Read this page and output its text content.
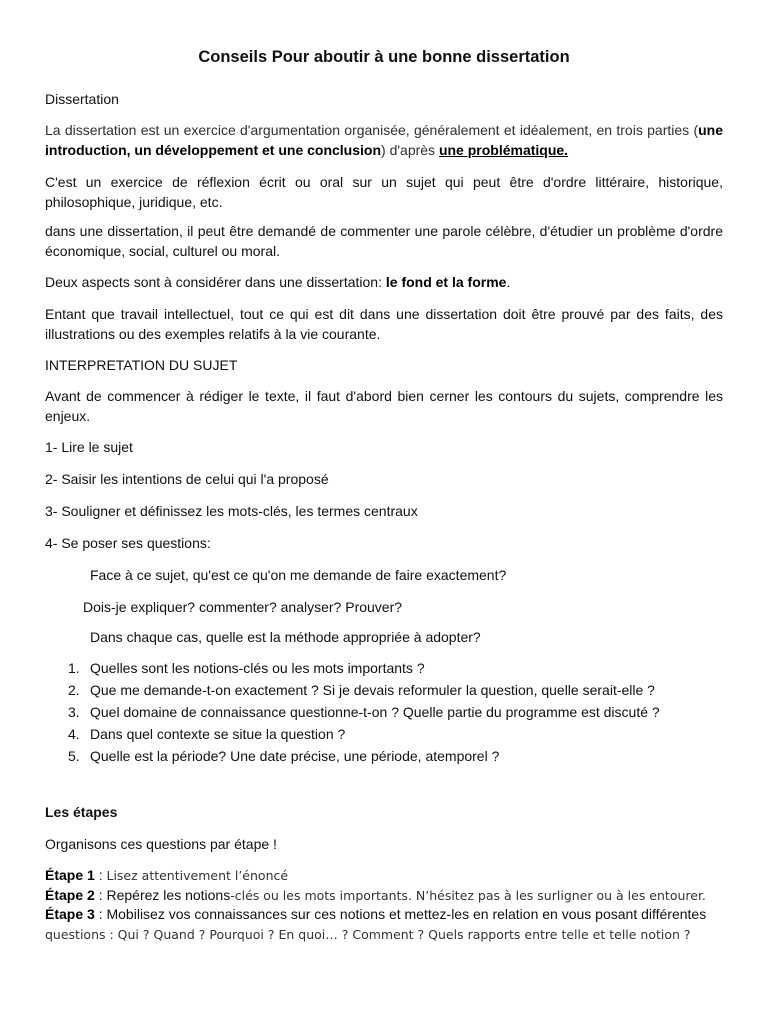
Conseils Pour aboutir à une bonne dissertation

Dissertation

La dissertation est un exercice d'argumentation organisée, généralement et idéalement, en trois parties (une introduction, un développement et une conclusion) d'après une problématique.

C'est un exercice de réflexion écrit ou oral sur un sujet qui peut être d'ordre littéraire, historique, philosophique, juridique, etc.

dans une dissertation, il peut être demandé de commenter une parole célèbre, d'étudier un problème d'ordre économique, social, culturel ou moral.

Deux aspects sont à considérer dans une dissertation: le fond et la forme.

Entant que travail intellectuel, tout ce qui est dit dans une dissertation doit être prouvé par des faits, des illustrations ou des exemples relatifs à la vie courante.

INTERPRETATION DU SUJET

Avant de commencer à rédiger le texte, il faut d'abord bien cerner les contours du sujets, comprendre les enjeux.

1- Lire le sujet

2- Saisir les intentions de celui qui l'a proposé

3- Souligner et définissez les mots-clés, les termes centraux

4- Se poser ses questions:

Face à ce sujet, qu'est ce qu'on me demande de faire exactement?

Dois-je expliquer? commenter? analyser? Prouver?

Dans chaque cas, quelle est la méthode appropriée à adopter?

1. Quelles sont les notions-clés ou les mots importants ?
2. Que me demande-t-on exactement ? Si je devais reformuler la question, quelle serait-elle ?
3. Quel domaine de connaissance questionne-t-on ? Quelle partie du programme est discuté ?
4. Dans quel contexte se situe la question ?
5. Quelle est la période? Une date précise, une période, atemporel ?

Les étapes

Organisons ces questions par étape !

Étape 1 : Lisez attentivement l’énoncé
Étape 2 : Repérez les notions-clés ou les mots importants. N’hésitez pas à les surligner ou à les entourer.
Étape 3 : Mobilisez vos connaissances sur ces notions et mettez-les en relation en vous posant différentes
questions : Qui ? Quand ? Pourquoi ? En quoi… ? Comment ? Quels rapports entre telle et telle notion ?
